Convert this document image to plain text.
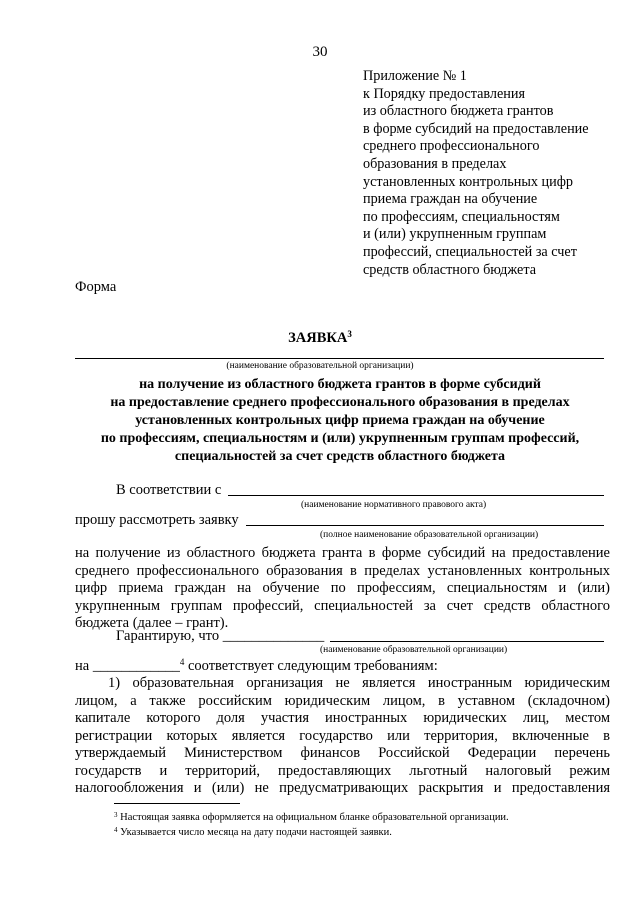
30
Приложение № 1
к Порядку предоставления
из областного бюджета грантов
в форме субсидий на предоставление
среднего профессионального
образования в пределах
установленных контрольных цифр
приема граждан на обучение
по профессиям, специальностям
и (или) укрупненным группам
профессий, специальностей за счет
средств областного бюджета
Форма
ЗАЯВКА$^3$
(наименование образовательной организации)
на получение из областного бюджета грантов в форме субсидий
на предоставление среднего профессионального образования в пределах
установленных контрольных цифр приема граждан на обучение
по профессиям, специальностям и (или) укрупненным группам профессий,
специальностей за счет средств областного бюджета
В соответствии с
(наименование нормативного правового акта)
прошу рассмотреть заявку
(полное наименование образовательной организации)
на получение из областного бюджета гранта в форме субсидий на предоставление
среднего профессионального образования в пределах установленных контрольных
цифр приема граждан на обучение по профессиям, специальностям и (или)
укрупненным группам профессий, специальностей за счет средств областного
бюджета (далее – грант).
Гарантирую, что ______________
(наименование образовательной организации)
на ____________$^4$ соответствует следующим требованиям:
1) образовательная организация не является иностранным юридическим
лицом, а также российским юридическим лицом, в уставном (складочном)
капитале которого доля участия иностранных юридических лиц, местом
регистрации которых является государство или территория, включенные в
утверждаемый Министерством финансов Российской Федерации перечень
государств и территорий, предоставляющих льготный налоговый режим
налогообложения и (или) не предусматривающих раскрытия и предоставления
$^3$ Настоящая заявка оформляется на официальном бланке образовательной организации.
$^4$ Указывается число месяца на дату подачи настоящей заявки.
